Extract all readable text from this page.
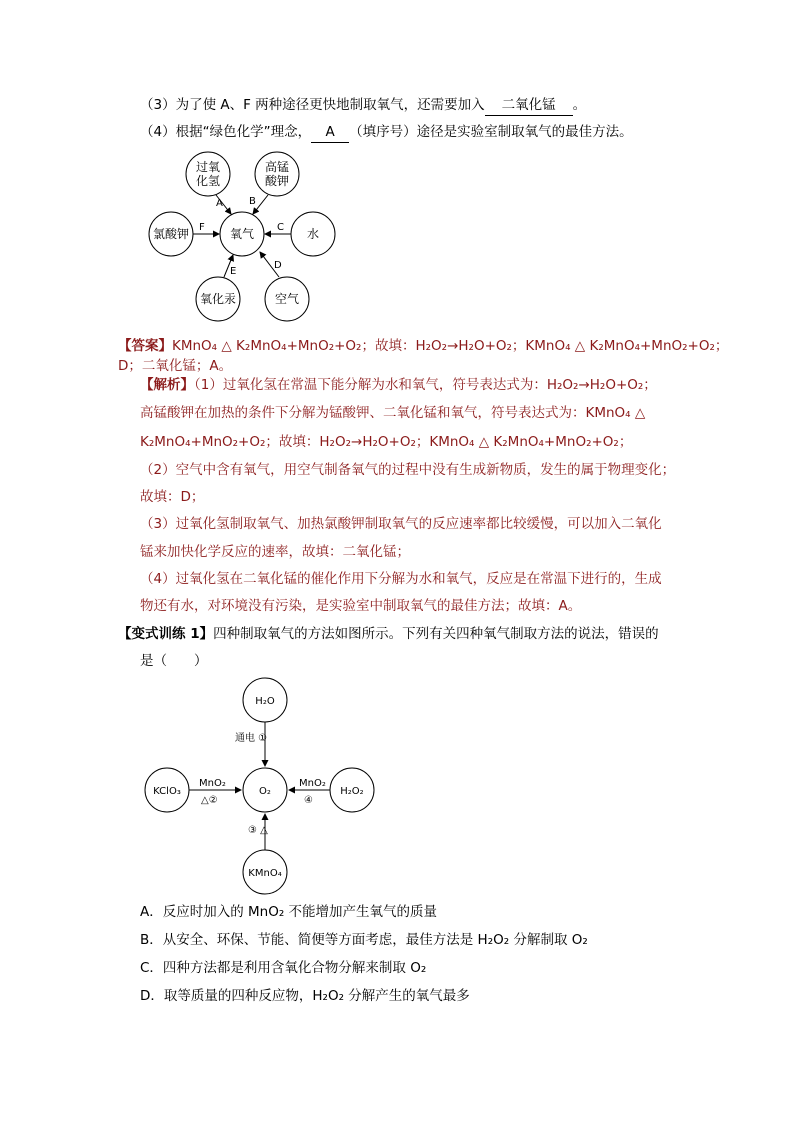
（3）为了使 A、F 两种途径更快地制取氧气，还需要加入 二氧化锰 。
（4）根据“绿色化学”理念， A （填序号）途径是实验室制取氧气的最佳方法。
氧气
过氧
化氢
高锰
酸钾
氯酸钾	水
氧化汞	空气
A	B
F	C
E
D
【答案】KMnO₄ △ K₂MnO₄+MnO₂+O₂；故填：H₂O₂→H₂O+O₂；KMnO₄ △ K₂MnO₄+MnO₂+O₂；
D；二氧化锰；A。
【解析】（1）过氧化氢在常温下能分解为水和氧气，符号表达式为：H₂O₂→H₂O+O₂；
高锰酸钾在加热的条件下分解为锰酸钾、二氧化锰和氧气，符号表达式为：KMnO₄ △
K₂MnO₄+MnO₂+O₂；故填：H₂O₂→H₂O+O₂；KMnO₄ △ K₂MnO₄+MnO₂+O₂；
（2）空气中含有氧气，用空气制备氧气的过程中没有生成新物质，发生的属于物理变化；
故填：D；
（3）过氧化氢制取氧气、加热氯酸钾制取氧气的反应速率都比较缓慢，可以加入二氧化
锰来加快化学反应的速率，故填：二氧化锰；
（4）过氧化氢在二氧化锰的催化作用下分解为水和氧气，反应是在常温下进行的，生成
物还有水，对环境没有污染，是实验室中制取氧气的最佳方法；故填：A。
【变式训练 1】四种制取氧气的方法如图所示。下列有关四种氧气制取方法的说法，错误的
是（　　）
O₂
H₂O
KClO₃	H₂O₂
KMnO₄
通电 ①
MnO₂
△②
MnO₂
④
③ △
A．反应时加入的 MnO₂ 不能增加产生氧气的质量
B．从安全、环保、节能、简便等方面考虑，最佳方法是 H₂O₂ 分解制取 O₂
C．四种方法都是利用含氧化合物分解来制取 O₂
D．取等质量的四种反应物，H₂O₂ 分解产生的氧气最多
